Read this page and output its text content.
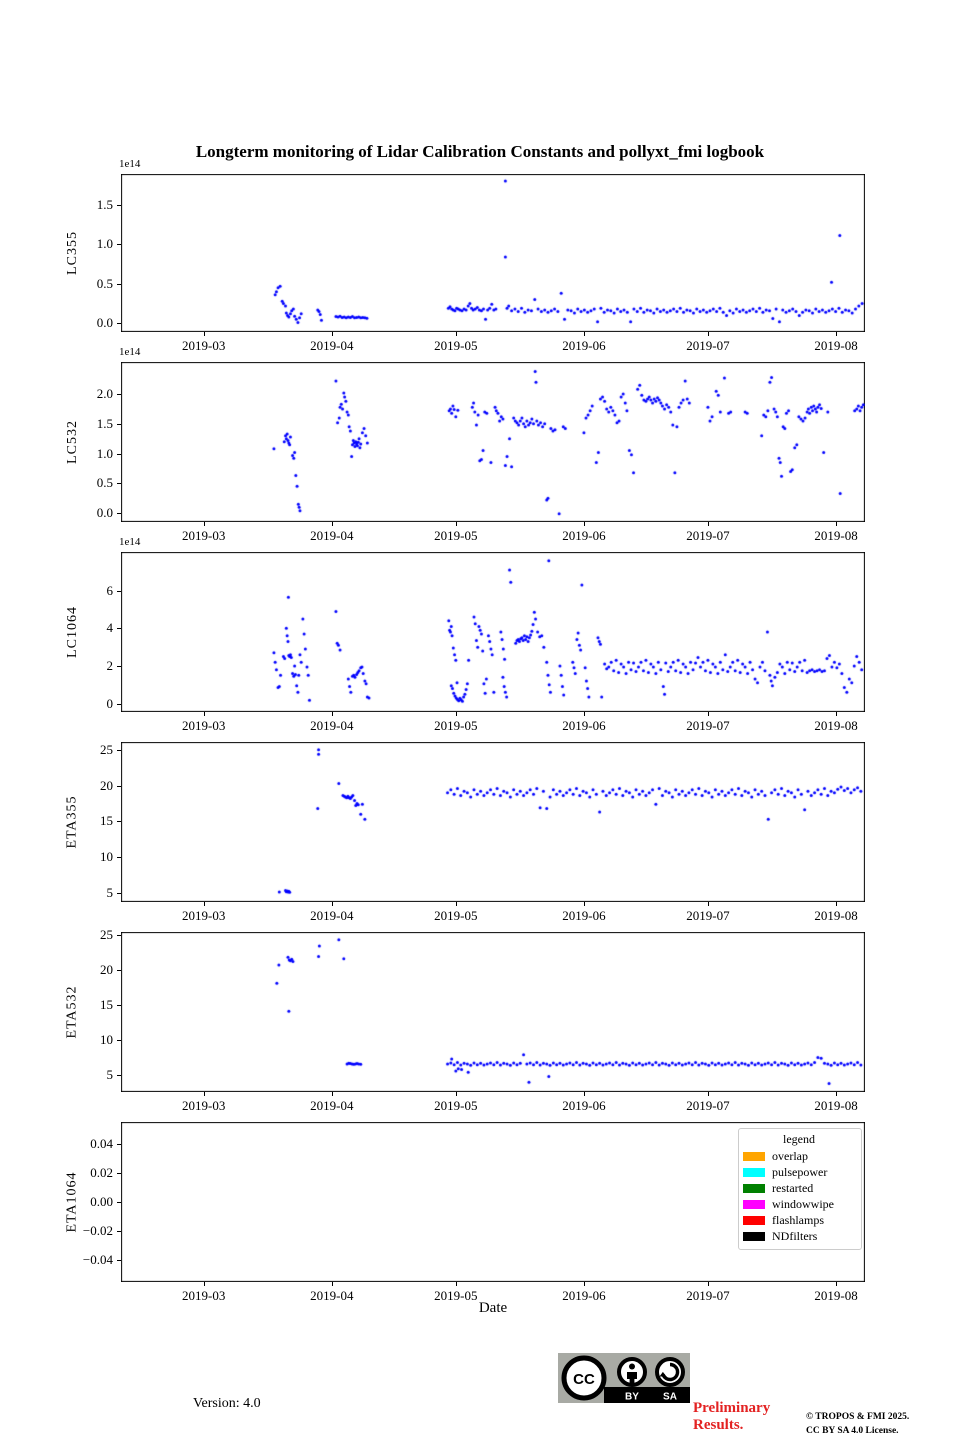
Longterm monitoring of Lidar Calibration Constants and pollyxt_fmi logbook
LC355
1e14
2019-03	2019-04	2019-05	2019-06	2019-07	2019-08
0.0
0.5
1.0
1.5
LC532
1e14
2019-03	2019-04	2019-05	2019-06	2019-07	2019-08
0.0
0.5
1.0
1.5
2.0
LC1064
1e14
2019-03	2019-04	2019-05	2019-06	2019-07	2019-08
0
2
4
6
ETA355
2019-03	2019-04	2019-05	2019-06	2019-07	2019-08
5
10
15
20
25
ETA532
2019-03	2019-04	2019-05	2019-06	2019-07	2019-08
5
10
15
20
25
ETA1064
2019-03	2019-04	2019-05	2019-06	2019-07	2019-08
−0.04
−0.02
0.00
0.02
0.04	legend
overlap
pulsepower
restarted
windowwipe
flashlamps
NDfilters
Date
Version: 4.0
CC
BY SA
Preliminary
Results.	© TROPOS & FMI 2025.
CC BY SA 4.0 License.
